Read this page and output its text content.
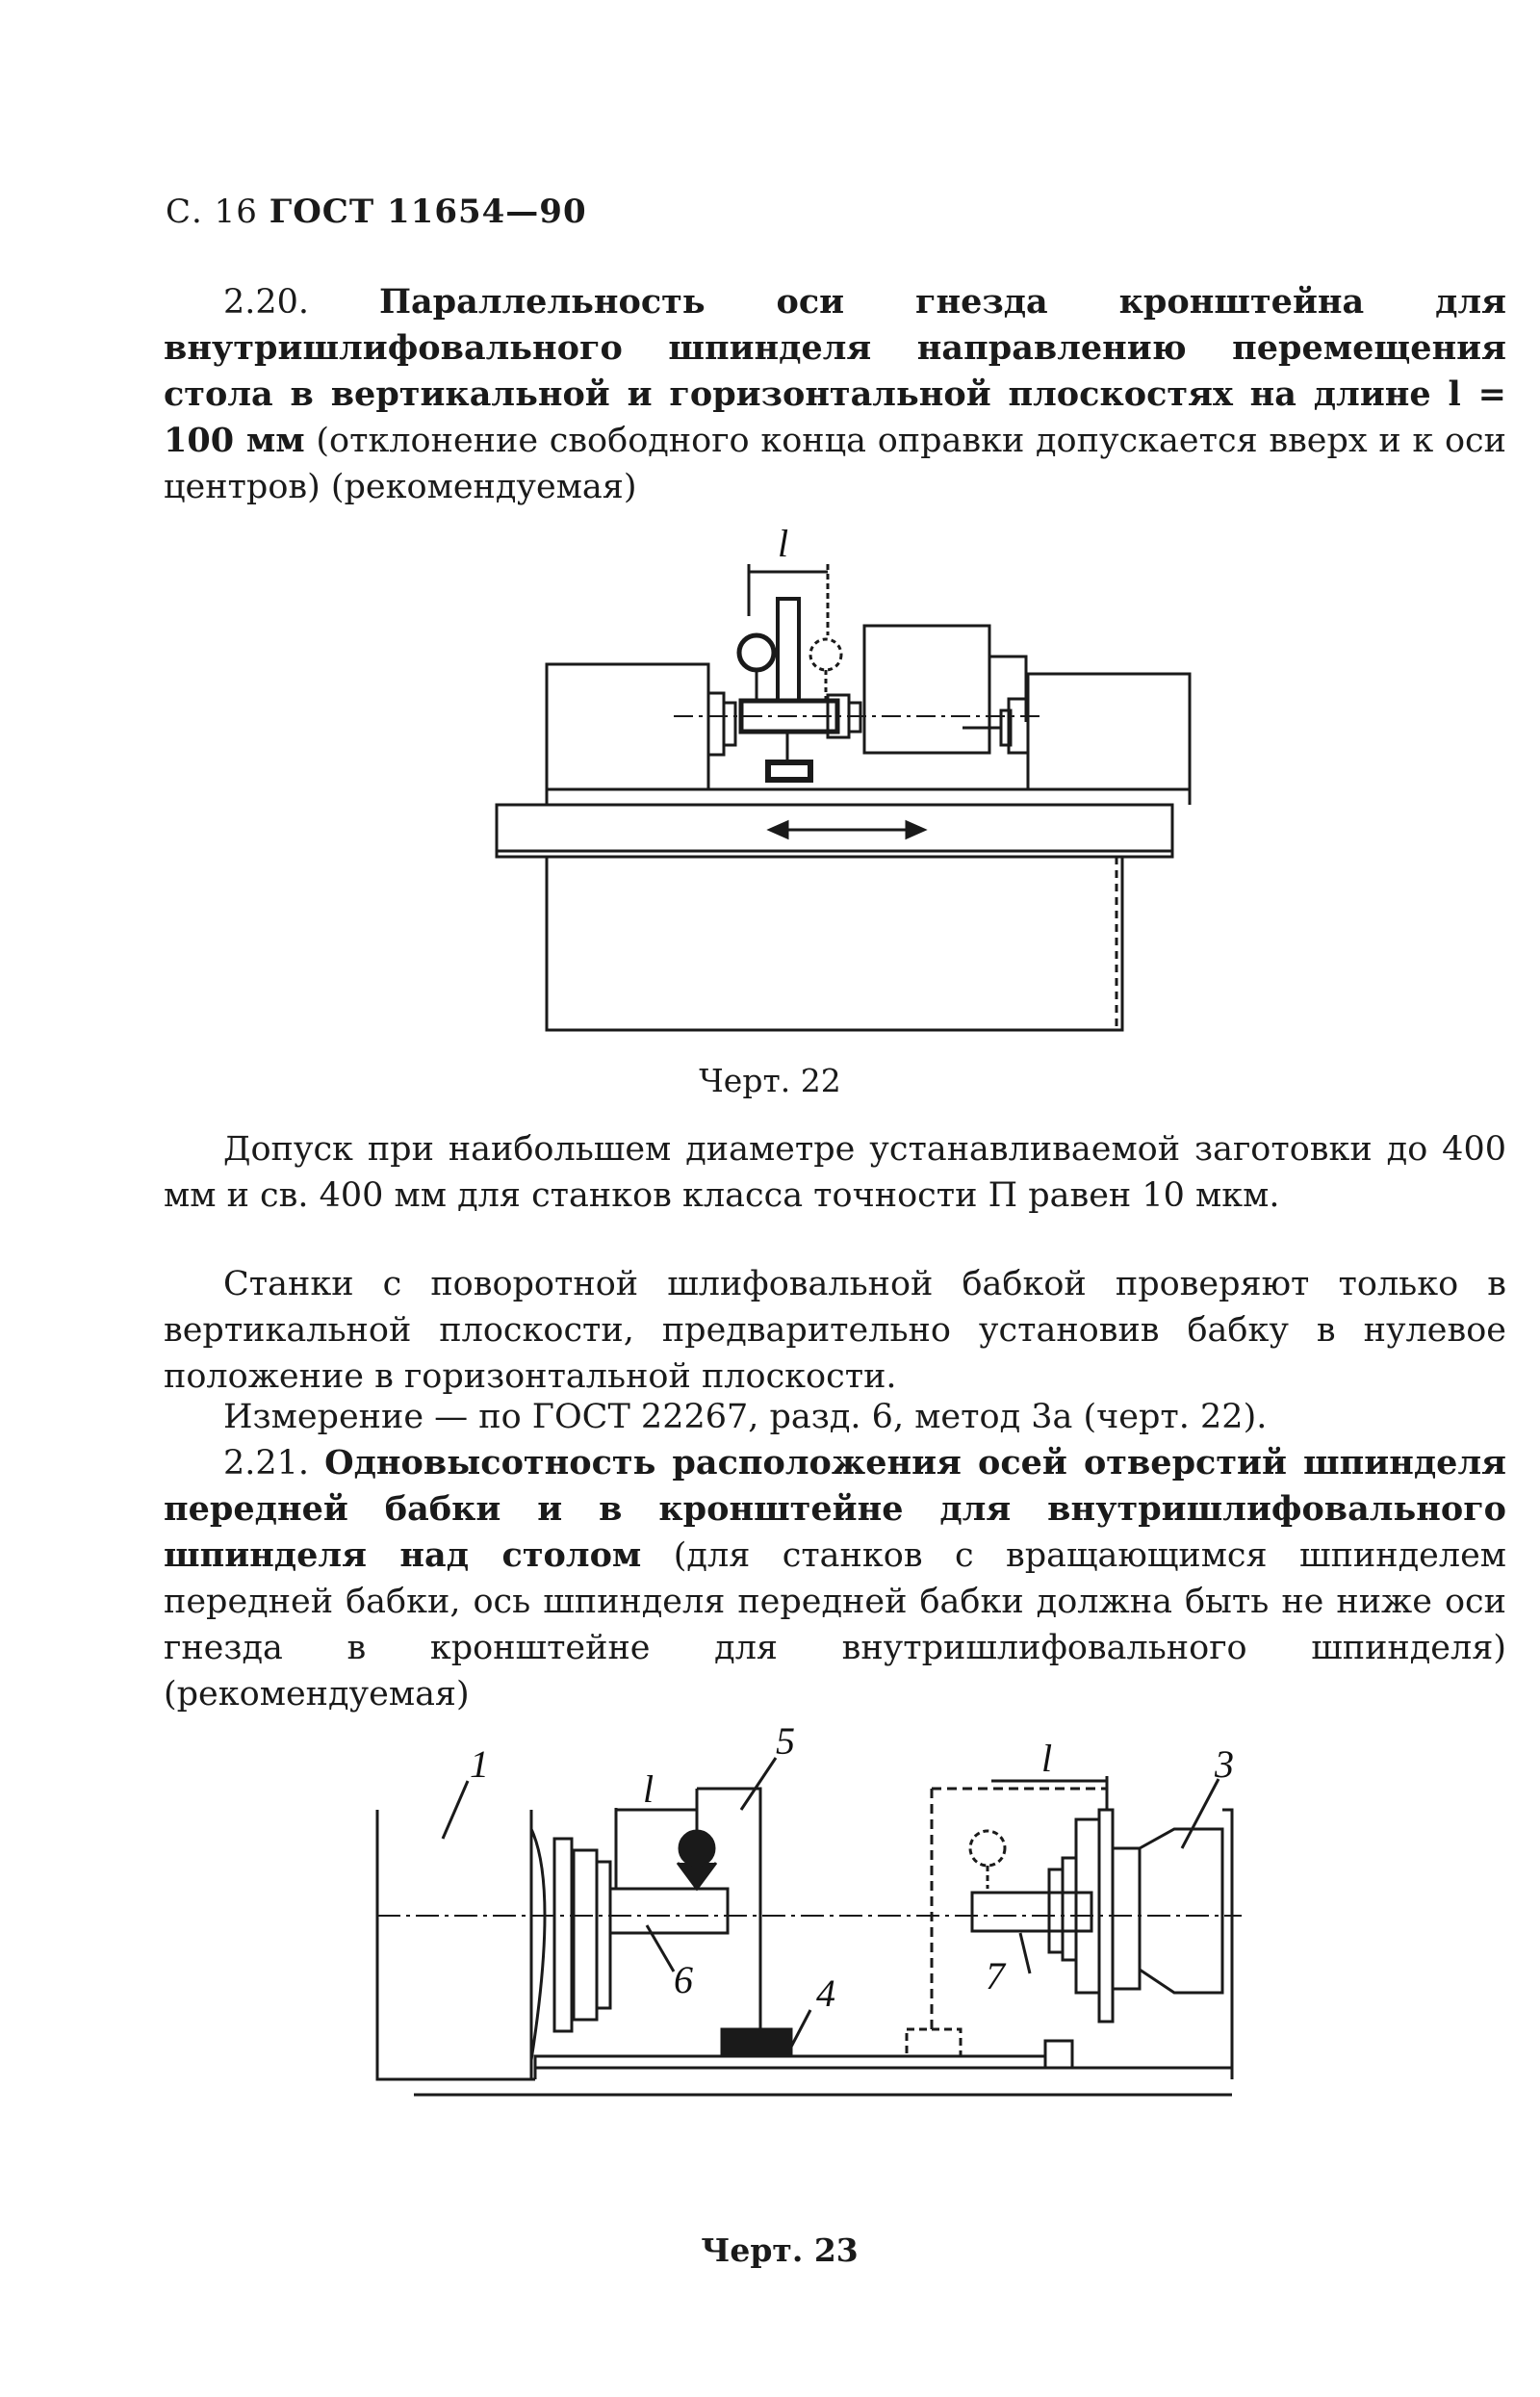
С. 16 ГОСТ 11654—90
2.20. Параллельность оси гнезда кронштейна для внутришлифовального шпинделя направлению перемещения стола в вертикальной и горизонтальной плоскостях на длине l = 100 мм (отклонение свободного конца оправки допускается вверх и к оси центров) (рекомендуемая)
l
Черт. 22
Допуск при наибольшем диаметре устанавливаемой заготовки до 400 мм и св. 400 мм для станков класса точности П равен 10 мкм.
Станки с поворотной шлифовальной бабкой проверяют только в вертикальной плоскости, предварительно установив бабку в нулевое положение в горизонтальной плоскости.
Измерение — по ГОСТ 22267, разд. 6, метод 3а (черт. 22).
2.21. Одновысотность расположения осей отверстий шпинделя передней бабки и в кронштейне для внутришлифовального шпинделя над столом (для станков с вращающимся шпинделем передней бабки, ось шпинделя передней бабки должна быть не ниже оси гнезда в кронштейне для внутришлифовального шпинделя) (рекомендуемая)
1	3
4
5
6	7
l
l
Черт. 23
